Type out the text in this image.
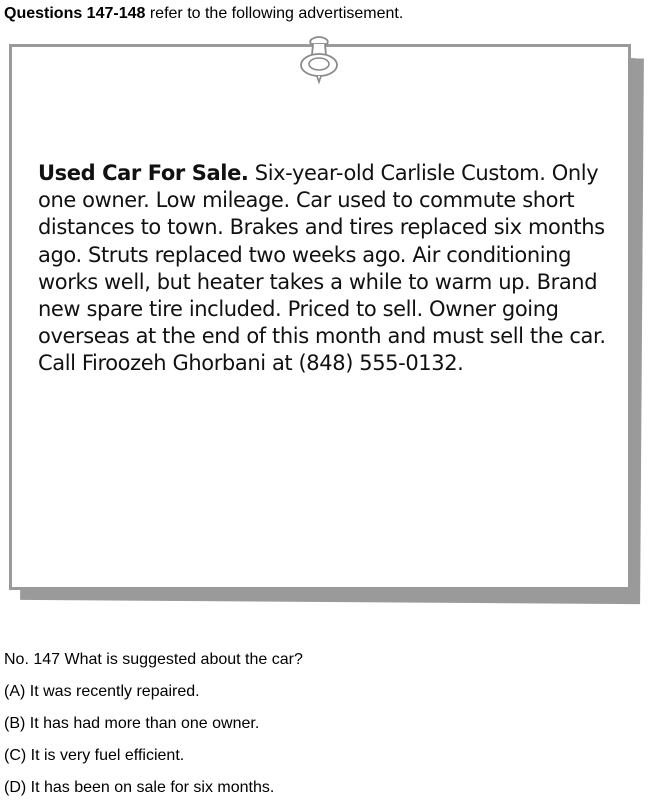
Questions 147-148 refer to the following advertisement.
Used Car For Sale. Six-year-old Carlisle Custom. Only one owner. Low mileage. Car used to commute short distances to town. Brakes and tires replaced six months ago. Struts replaced two weeks ago. Air conditioning works well, but heater takes a while to warm up. Brand new spare tire included. Priced to sell. Owner going overseas at the end of this month and must sell the car. Call Firoozeh Ghorbani at (848) 555-0132.
No. 147 What is suggested about the car?
(A) It was recently repaired.
(B) It has had more than one owner.
(C) It is very fuel efficient.
(D) It has been on sale for six months.
